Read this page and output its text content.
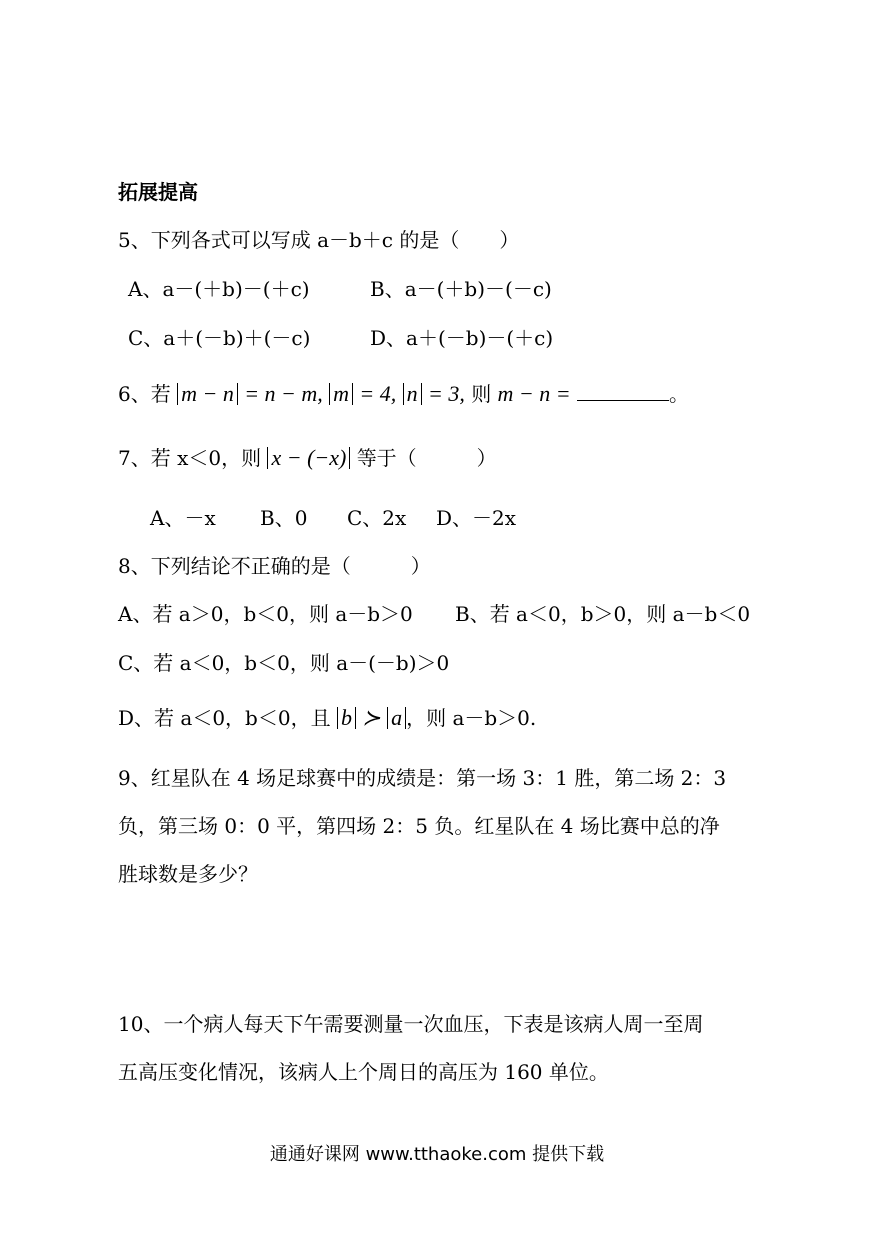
拓展提高
5、下列各式可以写成 a－b＋c 的是（　　）
A、a－(＋b)－(＋c)	B、a－(＋b)－(－c)
C、a＋(－b)＋(－c)	D、a＋(－b)－(＋c)
6、若 m − n = n − m, m = 4, n = 3, 则 m − n =	。
7、若 x＜0，则 x − (−x) 等于（　　　）
A、－x B、0 C、2x D、－2x
8、下列结论不正确的是（　　　）
A、若 a＞0，b＜0，则 a－b＞0 B、若 a＜0，b＞0，则 a－b＜0
C、若 a＜0，b＜0，则 a－(－b)＞0
D、若 a＜0，b＜0，且 b ≻ a ，则 a－b＞0.
9、红星队在 4 场足球赛中的成绩是：第一场 3：1 胜，第二场 2：3
负，第三场 0：0 平，第四场 2：5 负。红星队在 4 场比赛中总的净
胜球数是多少？
10、一个病人每天下午需要测量一次血压，下表是该病人周一至周
五高压变化情况，该病人上个周日的高压为 160 单位。
通通好课网 www.tthaoke.com 提供下载
